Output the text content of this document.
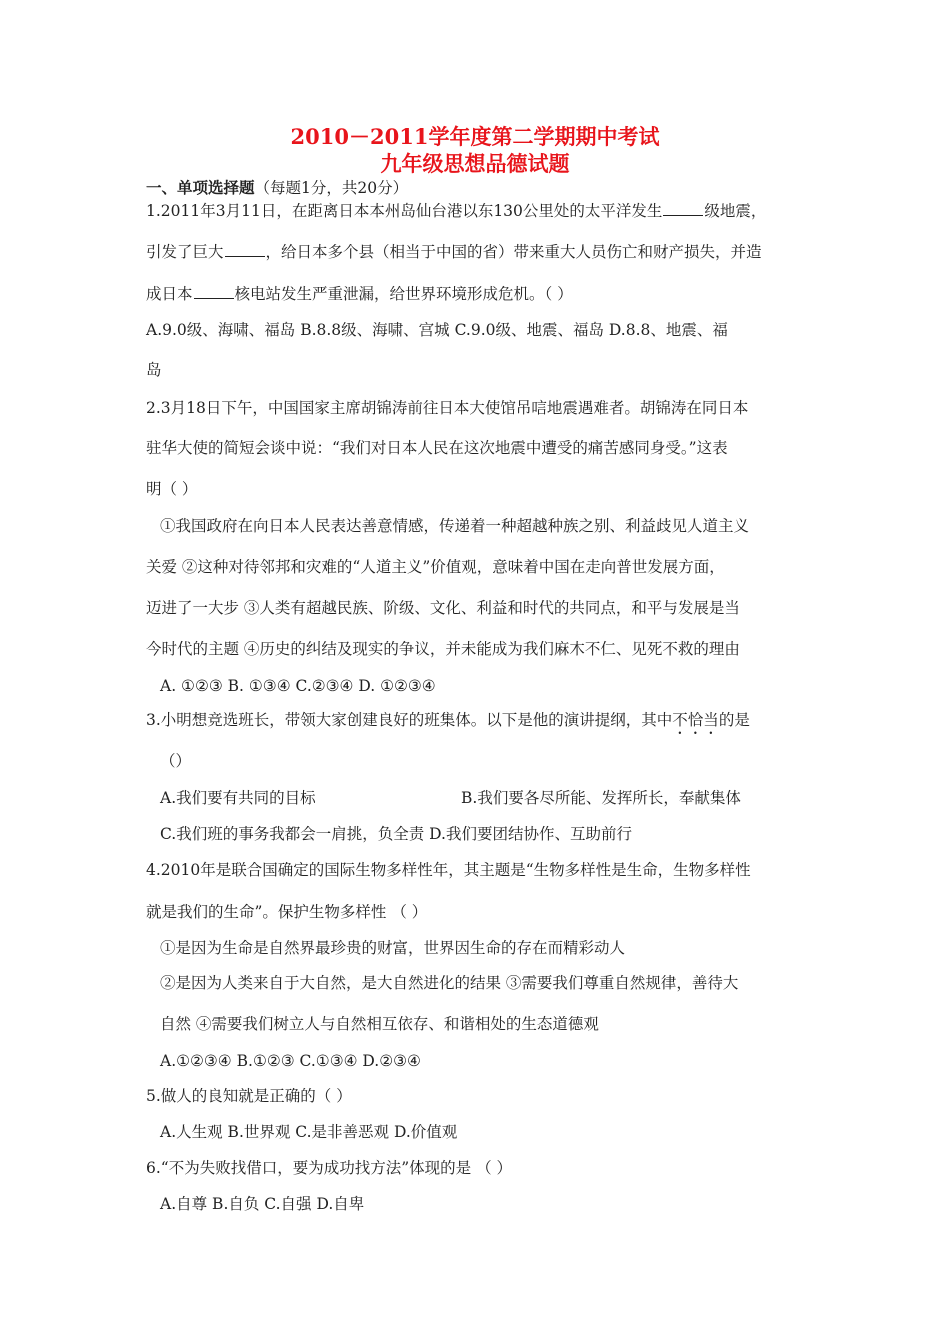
2010－2011学年度第二学期期中考试
九年级思想品德试题
一、单项选择题（每题1分，共20分）
1.2011年3月11日，在距离日本本州岛仙台港以东130公里处的太平洋发生	级地震，
引发了巨大	，给日本多个县（相当于中国的省）带来重大人员伤亡和财产损失，并造
成日本	核电站发生严重泄漏，给世界环境形成危机。（ ）
A.9.0级、海啸、福岛 B.8.8级、海啸、宫城 C.9.0级、地震、福岛 D.8.8、地震、福
岛
2.3月18日下午，中国国家主席胡锦涛前往日本大使馆吊唁地震遇难者。胡锦涛在同日本
驻华大使的简短会谈中说：“我们对日本人民在这次地震中遭受的痛苦感同身受。”这表
明（ ）
①我国政府在向日本人民表达善意情感，传递着一种超越种族之别、利益歧见人道主义
关爱 ②这种对待邻邦和灾难的“人道主义”价值观，意味着中国在走向普世发展方面，
迈进了一大步 ③人类有超越民族、阶级、文化、利益和时代的共同点，和平与发展是当
今时代的主题 ④历史的纠结及现实的争议，并未能成为我们麻木不仁、见死不救的理由
A. ①②③ B. ①③④ C.②③④ D. ①②③④
3.小明想竞选班长，带领大家创建良好的班集体。以下是他的演讲提纲，其中不恰当的是
（）
A.我们要有共同的目标	B.我们要各尽所能、发挥所长，奉献集体
C.我们班的事务我都会一肩挑，负全责 D.我们要团结协作、互助前行
4.2010年是联合国确定的国际生物多样性年，其主题是“生物多样性是生命，生物多样性
就是我们的生命”。保护生物多样性 （ ）
①是因为生命是自然界最珍贵的财富，世界因生命的存在而精彩动人
②是因为人类来自于大自然，是大自然进化的结果 ③需要我们尊重自然规律，善待大
自然 ④需要我们树立人与自然相互依存、和谐相处的生态道德观
A.①②③④ B.①②③ C.①③④ D.②③④
5.做人的良知就是正确的（ ）
A.人生观 B.世界观 C.是非善恶观 D.价值观
6.“不为失败找借口，要为成功找方法”体现的是 （ ）
A.自尊 B.自负 C.自强 D.自卑
